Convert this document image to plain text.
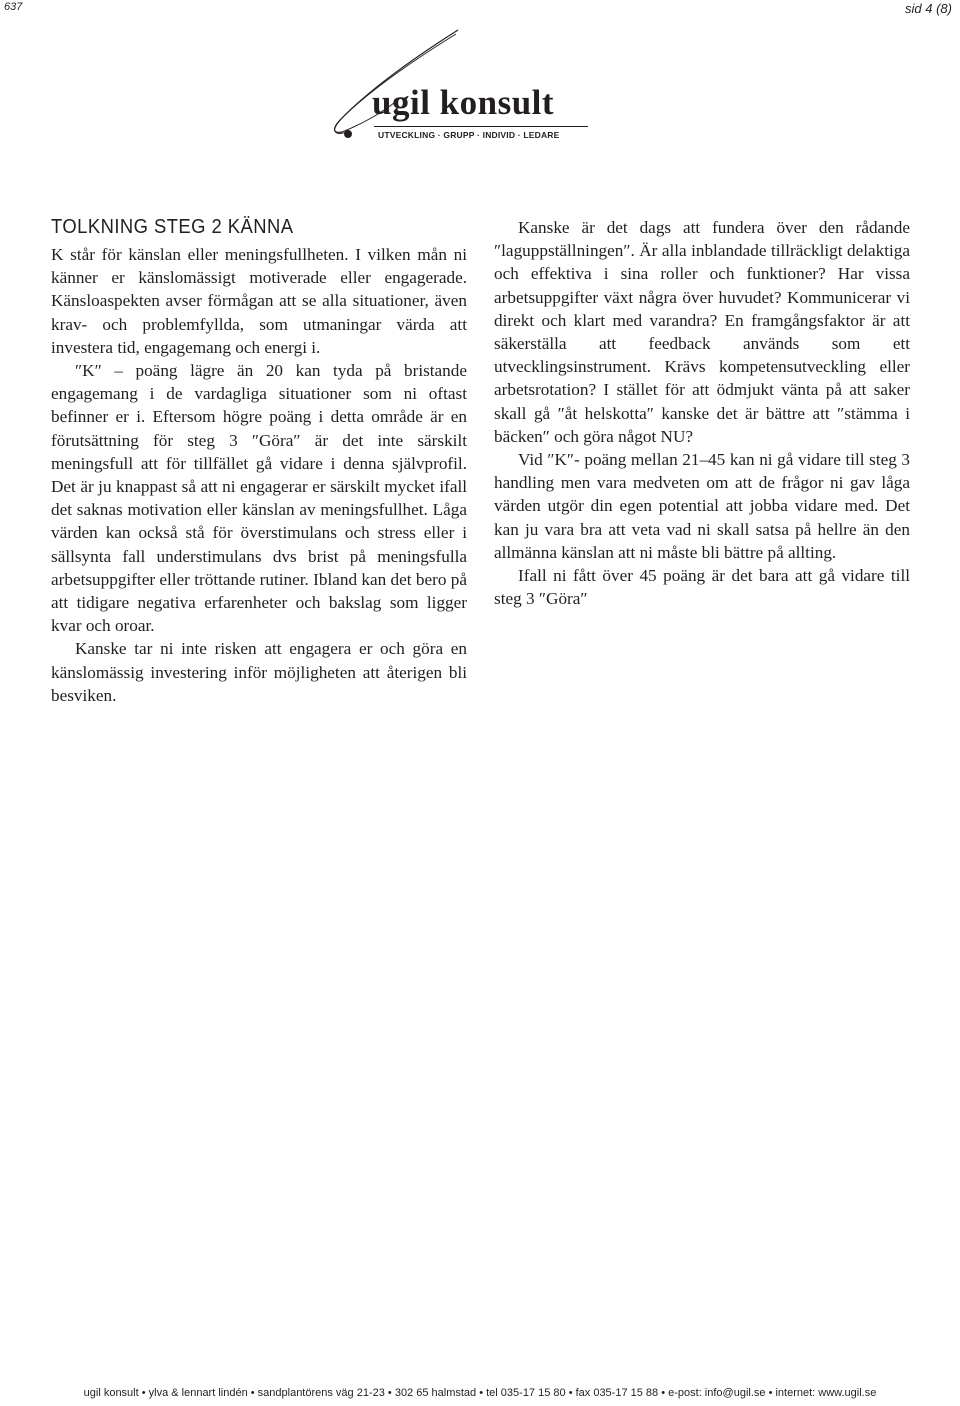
637	sid 4 (8)
ugil konsult
UTVECKLING · GRUPP · INDIVID · LEDARE
TOLKNING STEG 2 KÄNNA

K står för känslan eller meningsfullheten. I vilken mån ni känner er känslomässigt motiverade eller engagerade. Känsloaspekten avser förmågan att se alla situationer, även krav- och problemfyllda, som utmaningar värda att investera tid, engagemang och energi i.

″K″ – poäng lägre än 20 kan tyda på bristande engagemang i de vardagliga situationer som ni oftast befinner er i. Eftersom högre poäng i detta område är en förutsättning för steg 3 ″Göra″ är det inte särskilt meningsfull att för tillfället gå vidare i denna självprofil. Det är ju knappast så att ni engagerar er särskilt mycket ifall det saknas motivation eller känslan av meningsfullhet. Låga värden kan också stå för överstimulans och stress eller i sällsynta fall understimulans dvs brist på meningsfulla arbetsuppgifter eller tröttande rutiner. Ibland kan det bero på att tidigare negativa erfarenheter och bakslag som ligger kvar och oroar.

Kanske tar ni inte risken att engagera er och göra en känslomässig investering inför möjligheten att återigen bli besviken.

Kanske är det dags att fundera över den rådande ″laguppställningen″. Är alla inblandade tillräckligt delaktiga och effektiva i sina roller och funktioner? Har vissa arbetsuppgifter växt några över huvudet? Kommunicerar vi direkt och klart med varandra? En framgångsfaktor är att säkerställa att feedback används som ett utvecklingsinstrument. Krävs kompetensutveckling eller arbetsrotation? I stället för att ödmjukt vänta på att saker skall gå ″åt helskotta″ kanske det är bättre att ″stämma i bäcken″ och göra något NU?

Vid ″K″- poäng mellan 21–45 kan ni gå vidare till steg 3 handling men vara medveten om att de frågor ni gav låga värden utgör din egen potential att jobba vidare med. Det kan ju vara bra att veta vad ni skall satsa på hellre än den allmänna känslan att ni måste bli bättre på allting.

Ifall ni fått över 45 poäng är det bara att gå vidare till steg 3 ″Göra″

ugil konsult • ylva & lennart lindén • sandplantörens väg 21-23 • 302 65 halmstad • tel 035-17 15 80 • fax 035-17 15 88 • e-post: info@ugil.se • internet: www.ugil.se
